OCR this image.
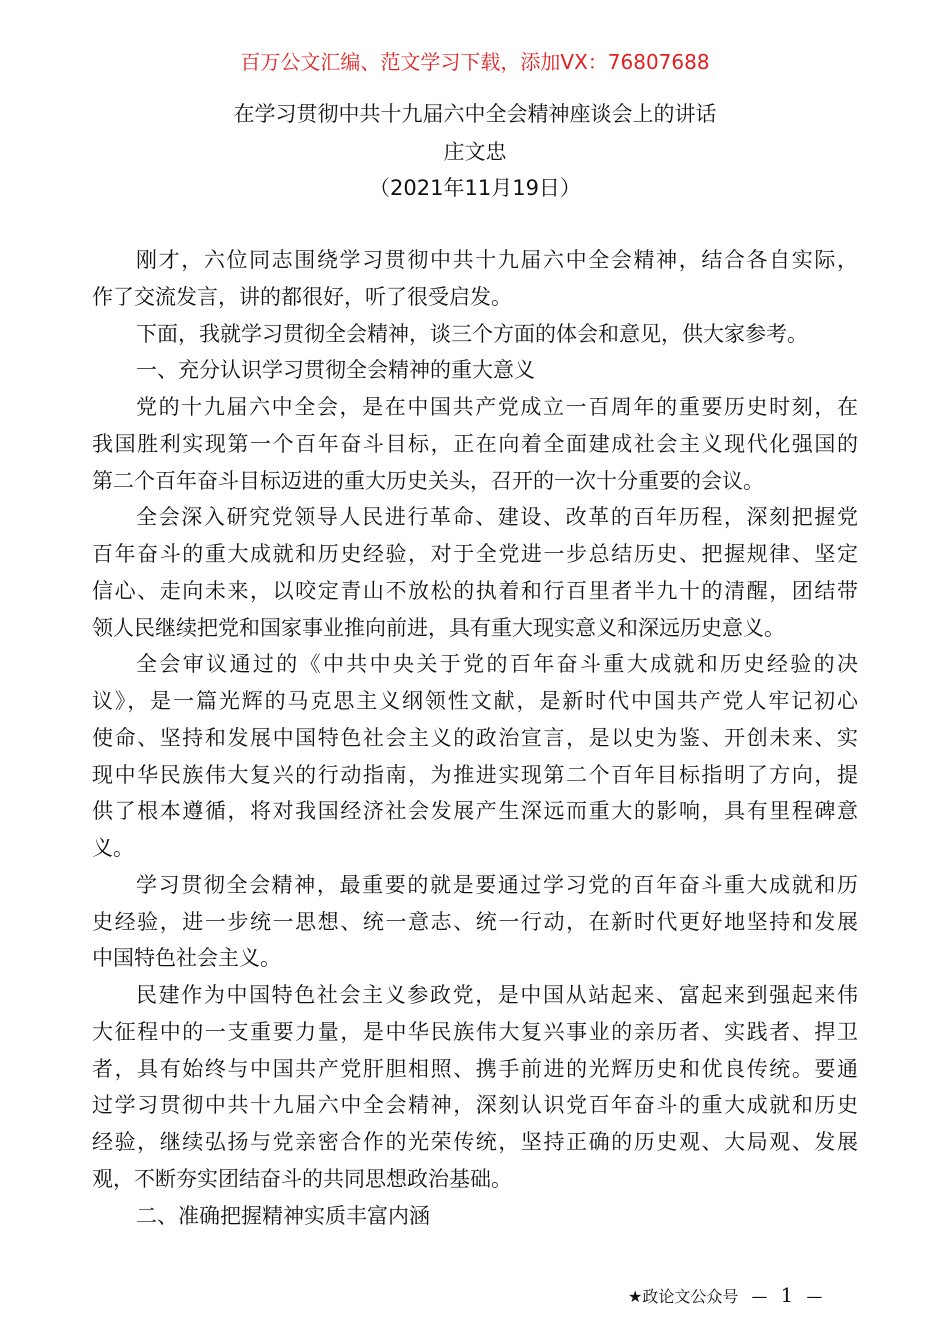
百万公文汇编、范文学习下载，添加VX：76807688
在学习贯彻中共十九届六中全会精神座谈会上的讲话
庄文忠
（2021年11月19日）
刚才，六位同志围绕学习贯彻中共十九届六中全会精神，结合各自实际，
作了交流发言，讲的都很好，听了很受启发。
下面，我就学习贯彻全会精神，谈三个方面的体会和意见，供大家参考。
一、充分认识学习贯彻全会精神的重大意义
党的十九届六中全会，是在中国共产党成立一百周年的重要历史时刻，在
我国胜利实现第一个百年奋斗目标，正在向着全面建成社会主义现代化强国的
第二个百年奋斗目标迈进的重大历史关头，召开的一次十分重要的会议。
全会深入研究党领导人民进行革命、建设、改革的百年历程，深刻把握党
百年奋斗的重大成就和历史经验，对于全党进一步总结历史、把握规律、坚定
信心、走向未来，以咬定青山不放松的执着和行百里者半九十的清醒，团结带
领人民继续把党和国家事业推向前进，具有重大现实意义和深远历史意义。
全会审议通过的《中共中央关于党的百年奋斗重大成就和历史经验的决
议》，是一篇光辉的马克思主义纲领性文献，是新时代中国共产党人牢记初心
使命、坚持和发展中国特色社会主义的政治宣言，是以史为鉴、开创未来、实
现中华民族伟大复兴的行动指南，为推进实现第二个百年目标指明了方向，提
供了根本遵循，将对我国经济社会发展产生深远而重大的影响，具有里程碑意
义。
学习贯彻全会精神，最重要的就是要通过学习党的百年奋斗重大成就和历
史经验，进一步统一思想、统一意志、统一行动，在新时代更好地坚持和发展
中国特色社会主义。
民建作为中国特色社会主义参政党，是中国从站起来、富起来到强起来伟
大征程中的一支重要力量，是中华民族伟大复兴事业的亲历者、实践者、捍卫
者，具有始终与中国共产党肝胆相照、携手前进的光辉历史和优良传统。要通
过学习贯彻中共十九届六中全会精神，深刻认识党百年奋斗的重大成就和历史
经验，继续弘扬与党亲密合作的光荣传统，坚持正确的历史观、大局观、发展
观，不断夯实团结奋斗的共同思想政治基础。
二、准确把握精神实质丰富内涵
★政论文公众号 — 1 —
